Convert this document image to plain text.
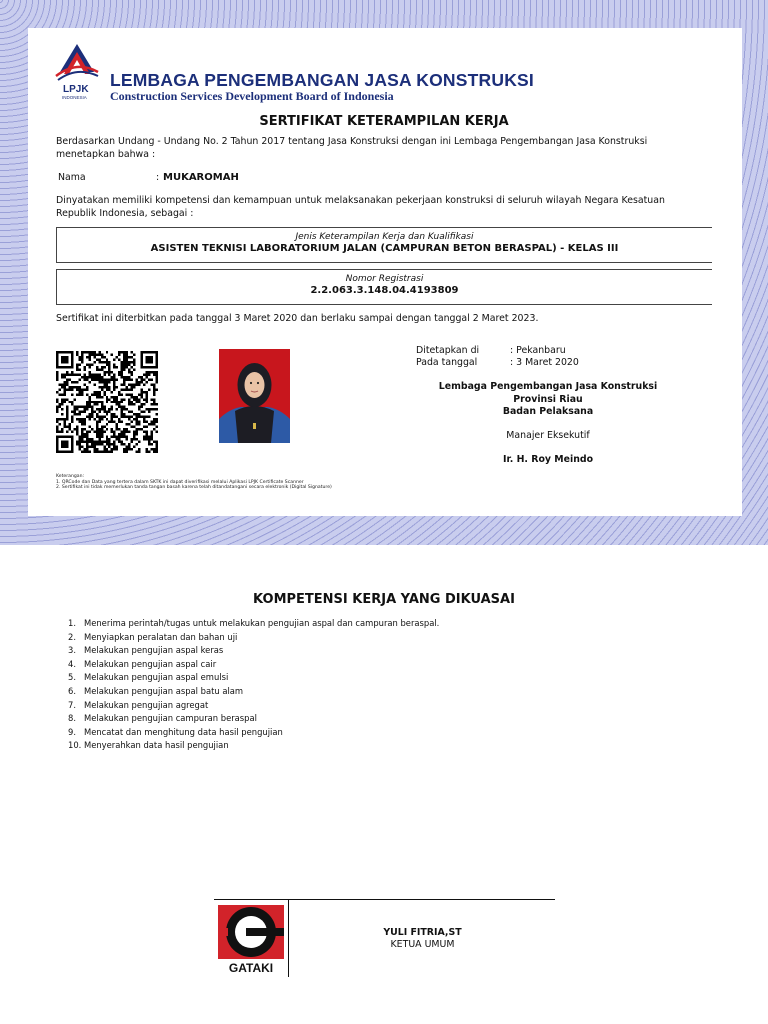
LPJK
INDONESIA
LEMBAGA PENGEMBANGAN JASA KONSTRUKSI
Construction Services Development Board of Indonesia
SERTIFIKAT KETERAMPILAN KERJA
Berdasarkan Undang - Undang No. 2 Tahun 2017 tentang Jasa Konstruksi dengan ini Lembaga Pengembangan Jasa Konstruksi menetapkan bahwa :
Nama	: MUKAROMAH
Dinyatakan memiliki kompetensi dan kemampuan untuk melaksanakan pekerjaan konstruksi di seluruh wilayah Negara Kesatuan Republik Indonesia, sebagai :
Jenis Keterampilan Kerja dan Kualifikasi
ASISTEN TEKNISI LABORATORIUM JALAN (CAMPURAN BETON BERASPAL) - KELAS III
Nomor Registrasi
2.2.063.3.148.04.4193809
Sertifikat ini diterbitkan pada tanggal 3 Maret 2020 dan berlaku sampai dengan tanggal 2 Maret 2023.
Ditetapkan di	: Pekanbaru
Pada tanggal	: 3 Maret 2020
Lembaga Pengembangan Jasa Konstruksi
Provinsi Riau
Badan Pelaksana
Manajer Eksekutif
Ir. H. Roy Meindo
Keterangan:
1. QRCode dan Data yang tertera dalam SKTK ini dapat diverifikasi melalui Aplikasi LPJK Certificate Scanner
2. Sertifikat ini tidak memerlukan tanda tangan basah karena telah ditandatangani secara elektronik (Digital Signature)
KOMPETENSI KERJA YANG DIKUASAI
1. Menerima perintah/tugas untuk melakukan pengujian aspal dan campuran beraspal.
2. Menyiapkan peralatan dan bahan uji
3. Melakukan pengujian aspal keras
4. Melakukan pengujian aspal cair
5. Melakukan pengujian aspal emulsi
6. Melakukan pengujian aspal batu alam
7. Melakukan pengujian agregat
8. Melakukan pengujian campuran beraspal
9. Mencatat dan menghitung data hasil pengujian
10. Menyerahkan data hasil pengujian
GATAKI
YULI FITRIA,ST
KETUA UMUM
